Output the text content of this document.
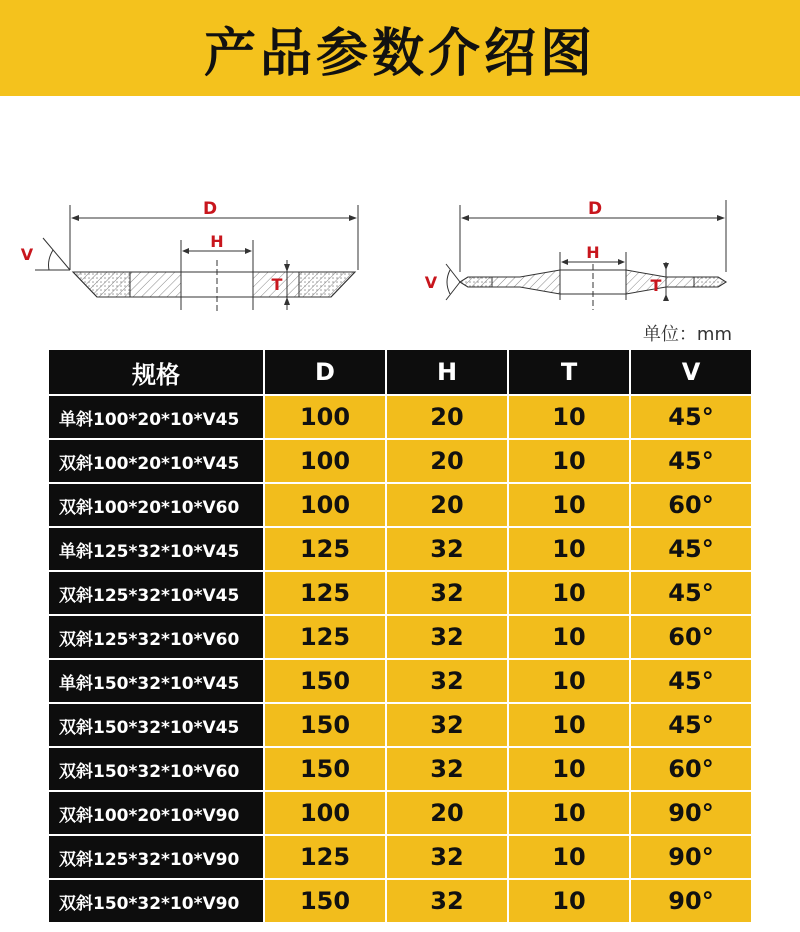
产品参数介绍图
D
H
T
V
D
H
T
V
单位：mm
规格	D	H	T	V
单斜100*20*10*V45	100	20	10	45°
双斜100*20*10*V45	100	20	10	45°
双斜100*20*10*V60	100	20	10	60°
单斜125*32*10*V45	125	32	10	45°
双斜125*32*10*V45	125	32	10	45°
双斜125*32*10*V60	125	32	10	60°
单斜150*32*10*V45	150	32	10	45°
双斜150*32*10*V45	150	32	10	45°
双斜150*32*10*V60	150	32	10	60°
双斜100*20*10*V90	100	20	10	90°
双斜125*32*10*V90	125	32	10	90°
双斜150*32*10*V90	150	32	10	90°
